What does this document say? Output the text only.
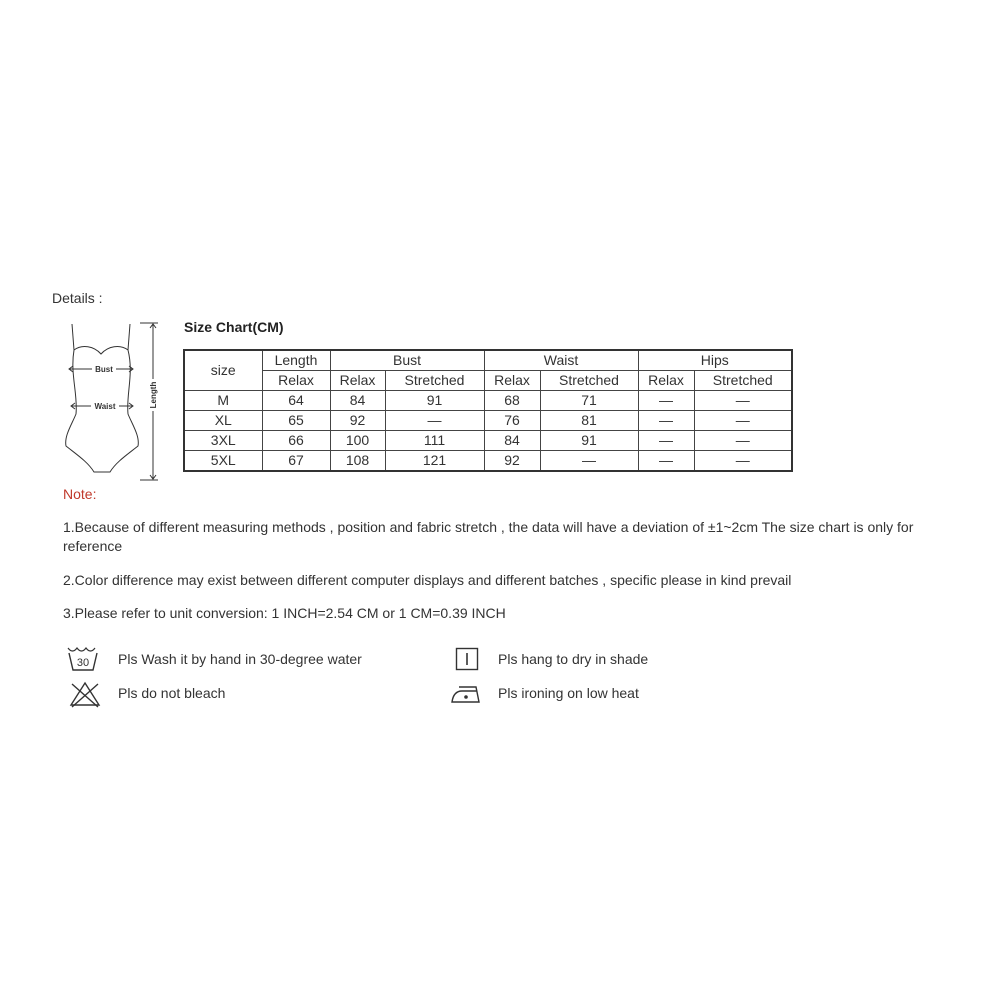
Details :
Bust
Waist	Length
Size Chart(CM)
size	Length	Bust		Waist		Hips	
	Relax	Relax	Stretched	Relax	Stretched	Relax	Stretched
M	64	84	91	68	71	—	—
XL	65	92	—	76	81	—	—
3XL	66	100	111	84	91	—	—
5XL	67	108	121	92	—	—	—
Note:
1.Because of different measuring methods , position and fabric stretch , the data will have a deviation of ±1~2cm The size chart is only for reference
2.Color difference may exist between different computer displays and different batches , specific please in kind prevail
3.Please refer to unit conversion: 1 INCH=2.54 CM or 1 CM=0.39 INCH
30 Pls Wash it by hand in 30-degree water	Pls hang to dry in shade
Pls do not bleach	Pls ironing on low heat
